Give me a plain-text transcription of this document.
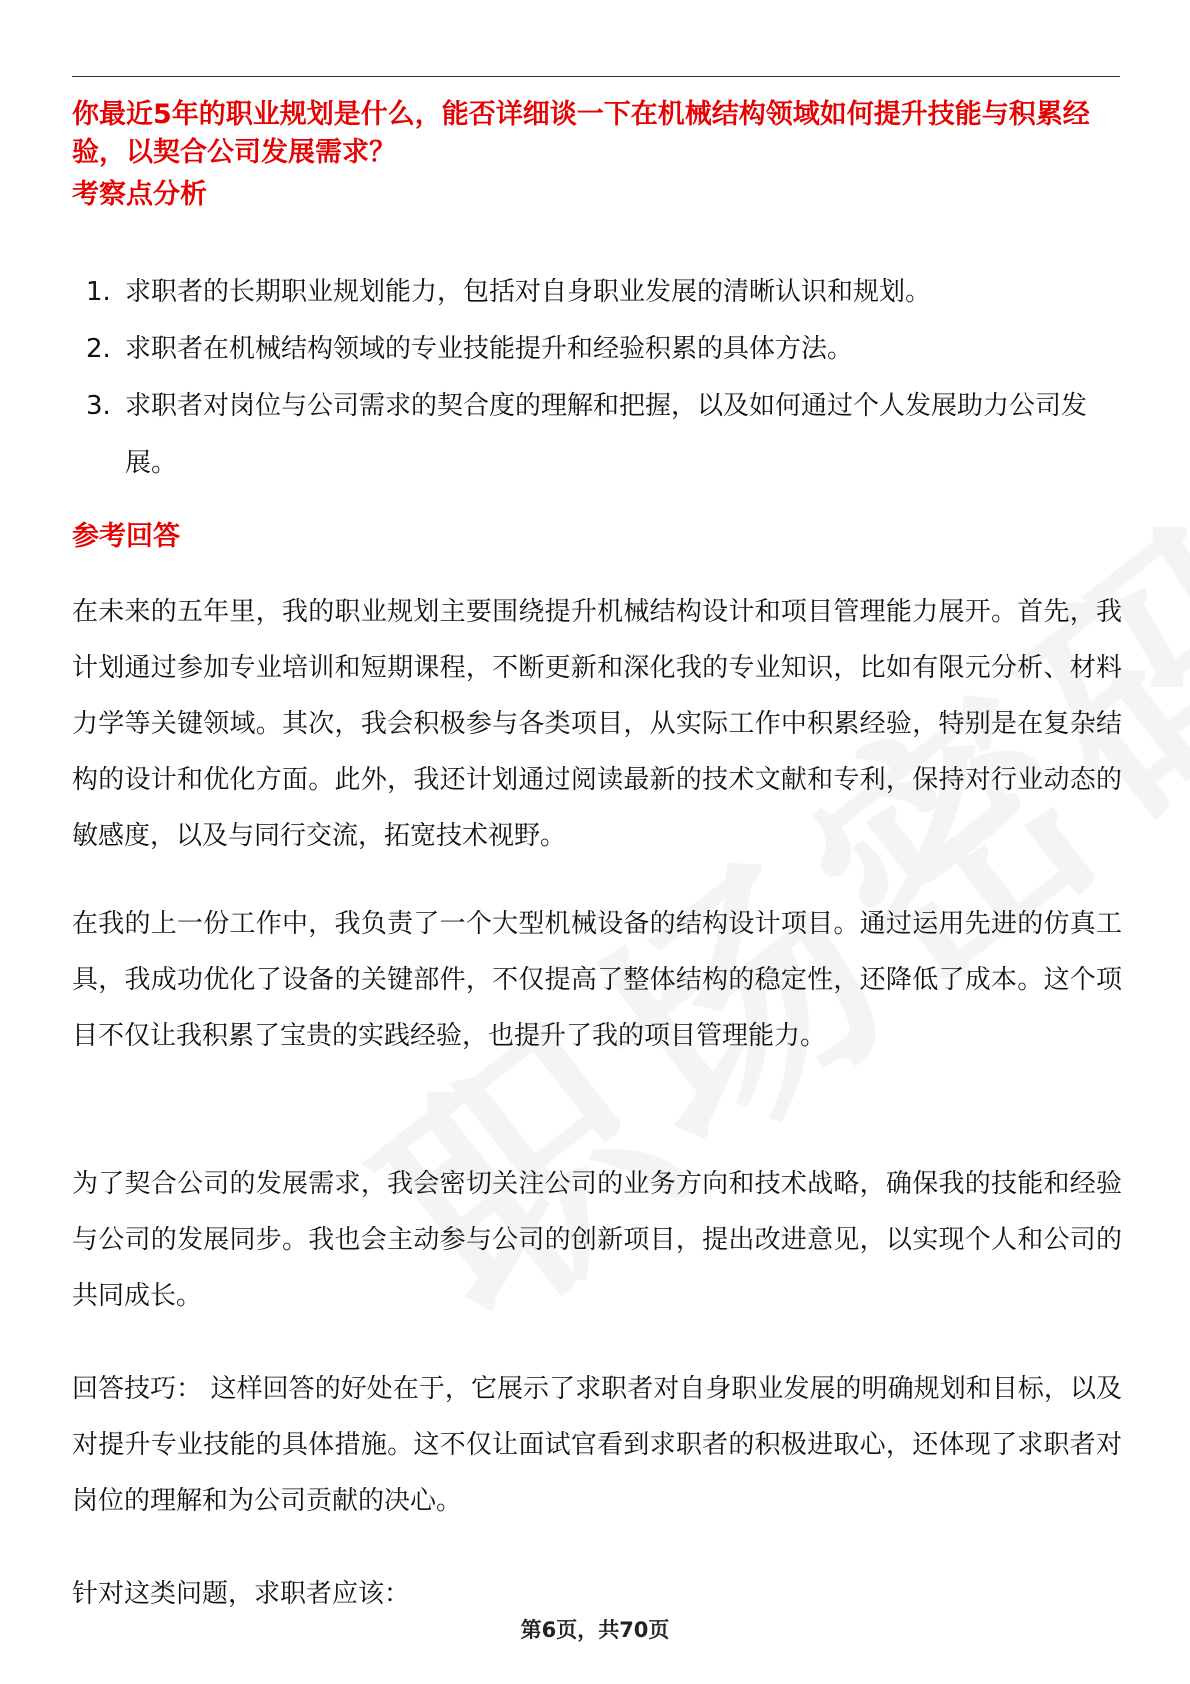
你最近5年的职业规划是什么，能否详细谈一下在机械结构领域如何提升技能与积累经验，以契合公司发展需求？
考察点分析
1. 求职者的长期职业规划能力，包括对自身职业发展的清晰认识和规划。
2. 求职者在机械结构领域的专业技能提升和经验积累的具体方法。
3. 求职者对岗位与公司需求的契合度的理解和把握，以及如何通过个人发展助力公司发展。
参考回答

在未来的五年里，我的职业规划主要围绕提升机械结构设计和项目管理能力展开。首先，我计划通过参加专业培训和短期课程，不断更新和深化我的专业知识，比如有限元分析、材料力学等关键领域。其次，我会积极参与各类项目，从实际工作中积累经验，特别是在复杂结构的设计和优化方面。此外，我还计划通过阅读最新的技术文献和专利，保持对行业动态的敏感度，以及与同行交流，拓宽技术视野。

在我的上一份工作中，我负责了一个大型机械设备的结构设计项目。通过运用先进的仿真工具，我成功优化了设备的关键部件，不仅提高了整体结构的稳定性，还降低了成本。这个项目不仅让我积累了宝贵的实践经验，也提升了我的项目管理能力。

为了契合公司的发展需求，我会密切关注公司的业务方向和技术战略，确保我的技能和经验与公司的发展同步。我也会主动参与公司的创新项目，提出改进意见，以实现个人和公司的共同成长。

回答技巧： 这样回答的好处在于，它展示了求职者对自身职业发展的明确规划和目标，以及对提升专业技能的具体措施。这不仅让面试官看到求职者的积极进取心，还体现了求职者对岗位的理解和为公司贡献的决心。

针对这类问题，求职者应该：

第6页，共70页
